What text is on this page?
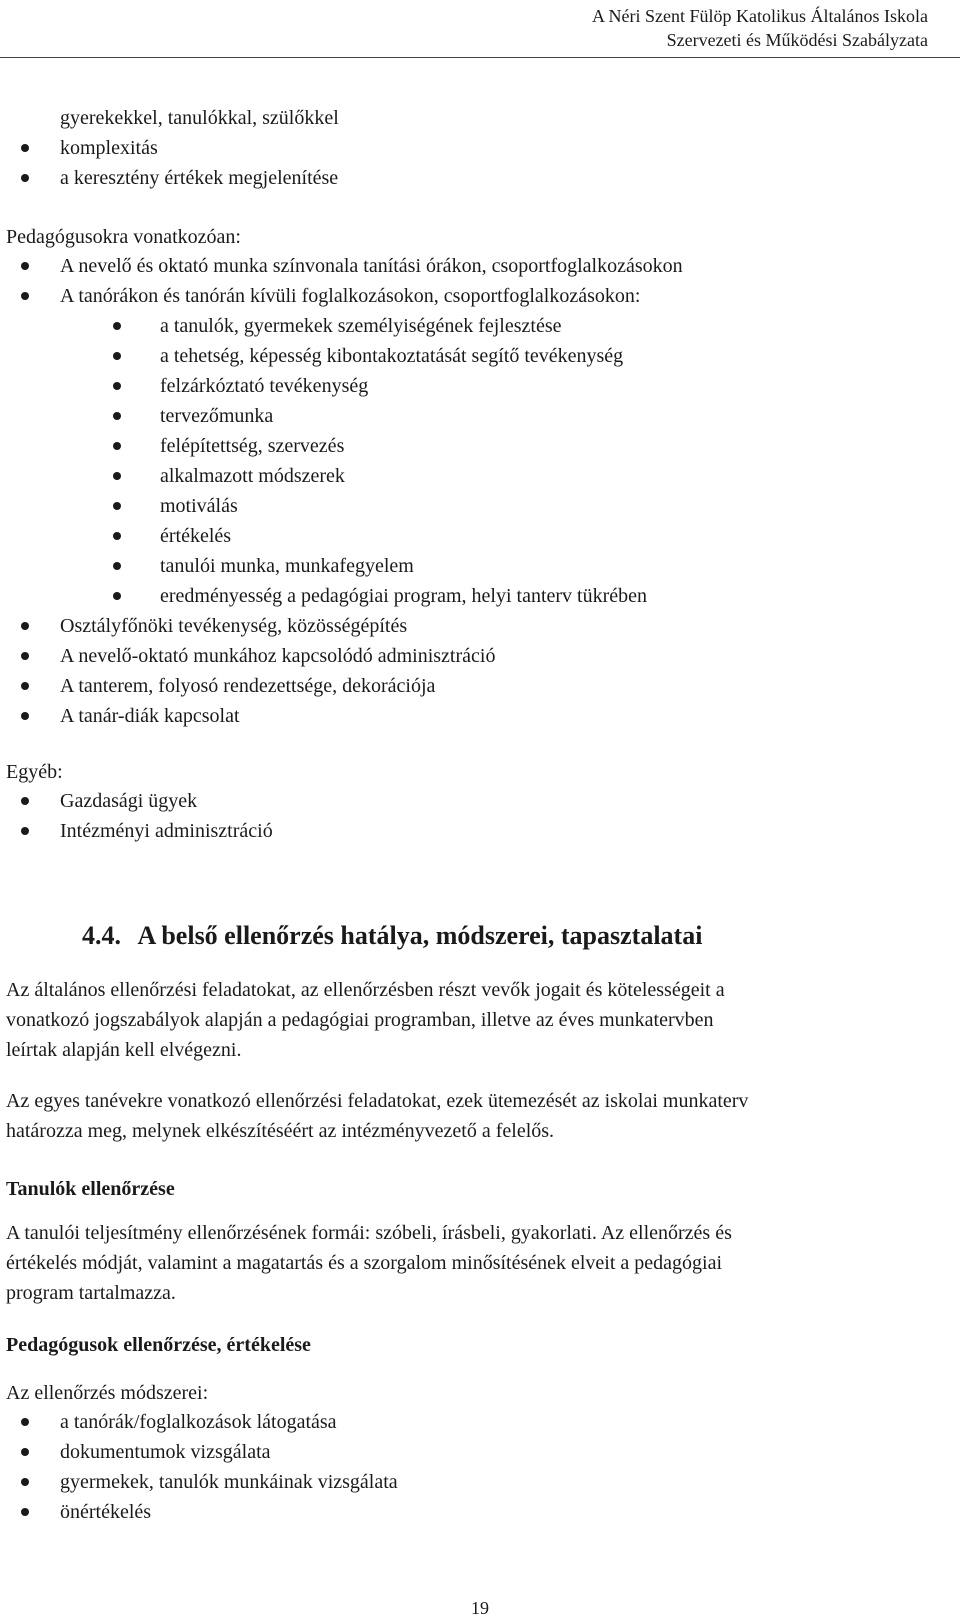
A Néri Szent Fülöp Katolikus Általános Iskola
Szervezeti és Működési Szabályzata
gyerekekkel, tanulókkal, szülőkkel
komplexitás
a keresztény értékek megjelenítése
Pedagógusokra vonatkozóan:
A nevelő és oktató munka színvonala tanítási órákon, csoportfoglalkozásokon
A tanórákon és tanórán kívüli foglalkozásokon, csoportfoglalkozásokon:
a tanulók, gyermekek személyiségének fejlesztése
a tehetség, képesség kibontakoztatását segítő tevékenység
felzárkóztató tevékenység
tervezőmunka
felépítettség, szervezés
alkalmazott módszerek
motiválás
értékelés
tanulói munka, munkafegyelem
eredményesség a pedagógiai program, helyi tanterv tükrében
Osztályfőnöki tevékenység, közösségépítés
A nevelő-oktató munkához kapcsolódó adminisztráció
A tanterem, folyosó rendezettsége, dekorációja
A tanár-diák kapcsolat
Egyéb:
Gazdasági ügyek
Intézményi adminisztráció
4.4. A belső ellenőrzés hatálya, módszerei, tapasztalatai
Az általános ellenőrzési feladatokat, az ellenőrzésben részt vevők jogait és kötelességeit a
vonatkozó jogszabályok alapján a pedagógiai programban, illetve az éves munkatervben
leírtak alapján kell elvégezni.
Az egyes tanévekre vonatkozó ellenőrzési feladatokat, ezek ütemezését az iskolai munkaterv
határozza meg, melynek elkészítéséért az intézményvezető a felelős.
Tanulók ellenőrzése
A tanulói teljesítmény ellenőrzésének formái: szóbeli, írásbeli, gyakorlati. Az ellenőrzés és
értékelés módját, valamint a magatartás és a szorgalom minősítésének elveit a pedagógiai
program tartalmazza.
Pedagógusok ellenőrzése, értékelése
Az ellenőrzés módszerei:
a tanórák/foglalkozások látogatása
dokumentumok vizsgálata
gyermekek, tanulók munkáinak vizsgálata
önértékelés
19
